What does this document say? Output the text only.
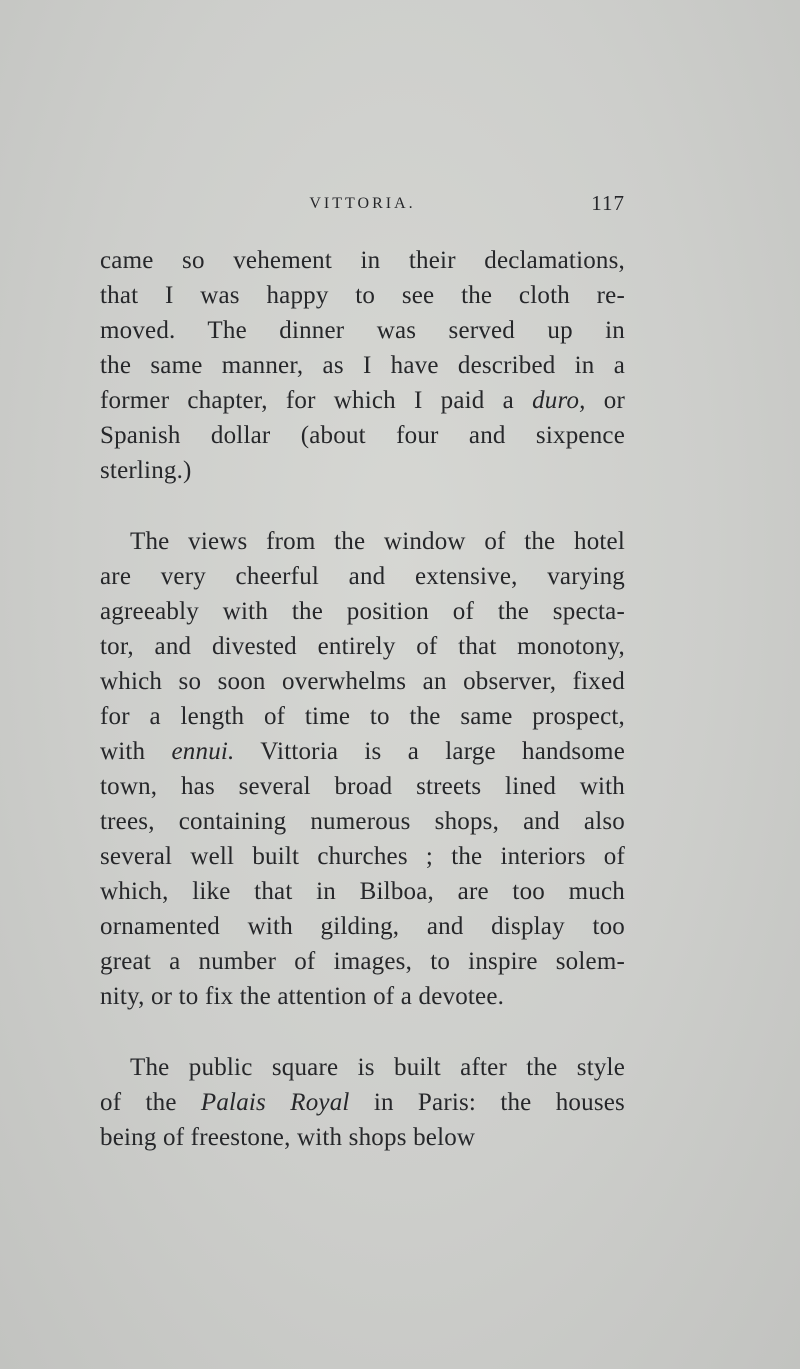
VITTORIA.	117
came so vehement in their declamations,
that I was happy to see the cloth re-
moved. The dinner was served up in
the same manner, as I have described in a
former chapter, for which I paid a duro, or
Spanish dollar (about four and sixpence
sterling.)
The views from the window of the hotel
are very cheerful and extensive, varying
agreeably with the position of the specta-
tor, and divested entirely of that monotony,
which so soon overwhelms an observer, fixed
for a length of time to the same prospect,
with ennui. Vittoria is a large handsome
town, has several broad streets lined with
trees, containing numerous shops, and also
several well built churches ; the interiors of
which, like that in Bilboa, are too much
ornamented with gilding, and display too
great a number of images, to inspire solem-
nity, or to fix the attention of a devotee.
The public square is built after the style
of the Palais Royal in Paris: the houses
being of freestone, with shops below
